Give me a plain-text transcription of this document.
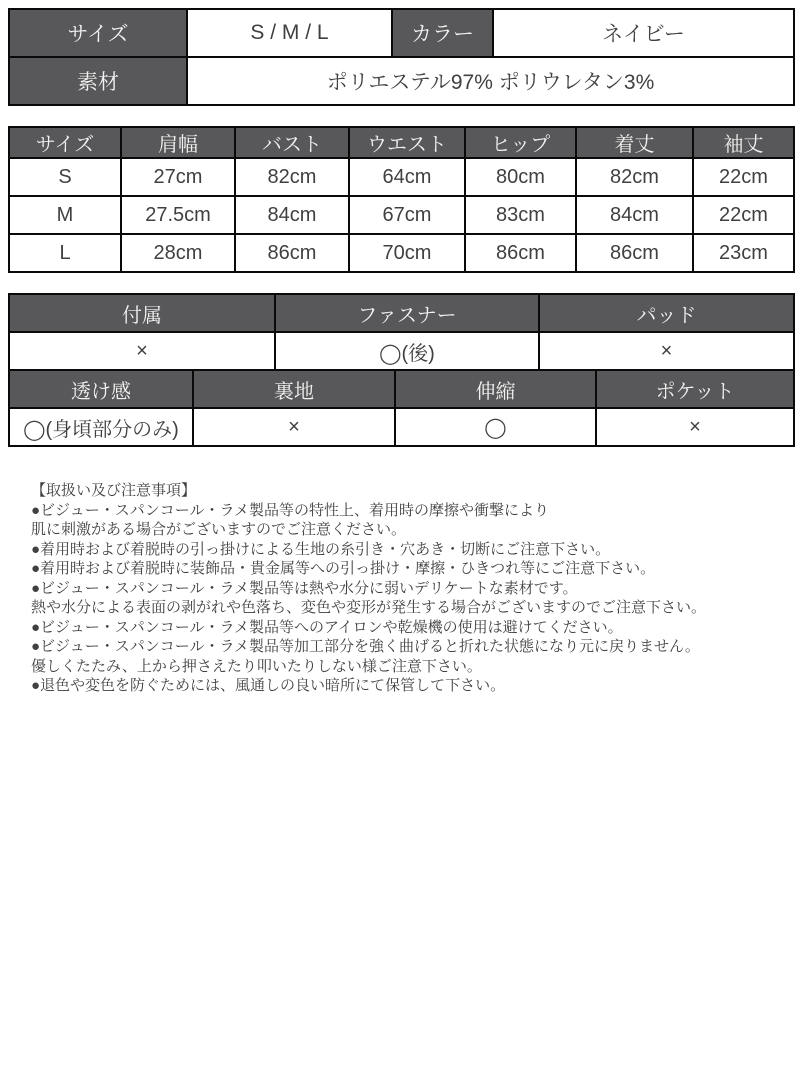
サイズ	S / M / L	カラー	ネイビー
素材	ポリエステル97% ポリウレタン3%		
サイズ	肩幅	バスト	ウエスト	ヒップ	着丈	袖丈
S	27cm	82cm	64cm	80cm	82cm	22cm
M	27.5cm	84cm	67cm	83cm	84cm	22cm
L	28cm	86cm	70cm	86cm	86cm	23cm
付属	ファスナー	パッド
×	◯(後)	×
透け感	裏地	伸縮	ポケット
◯(身頃部分のみ)	×	◯	×
【取扱い及び注意事項】
●ビジュー・スパンコール・ラメ製品等の特性上、着用時の摩擦や衝撃により
肌に刺激がある場合がございますのでご注意ください。
●着用時および着脱時の引っ掛けによる生地の糸引き・穴あき・切断にご注意下さい。
●着用時および着脱時に装飾品・貴金属等への引っ掛け・摩擦・ひきつれ等にご注意下さい。
●ビジュー・スパンコール・ラメ製品等は熱や水分に弱いデリケートな素材です。
熱や水分による表面の剥がれや色落ち、変色や変形が発生する場合がございますのでご注意下さい。
●ビジュー・スパンコール・ラメ製品等へのアイロンや乾燥機の使用は避けてください。
●ビジュー・スパンコール・ラメ製品等加工部分を強く曲げると折れた状態になり元に戻りません。
優しくたたみ、上から押さえたり叩いたりしない様ご注意下さい。
●退色や変色を防ぐためには、風通しの良い暗所にて保管して下さい。
